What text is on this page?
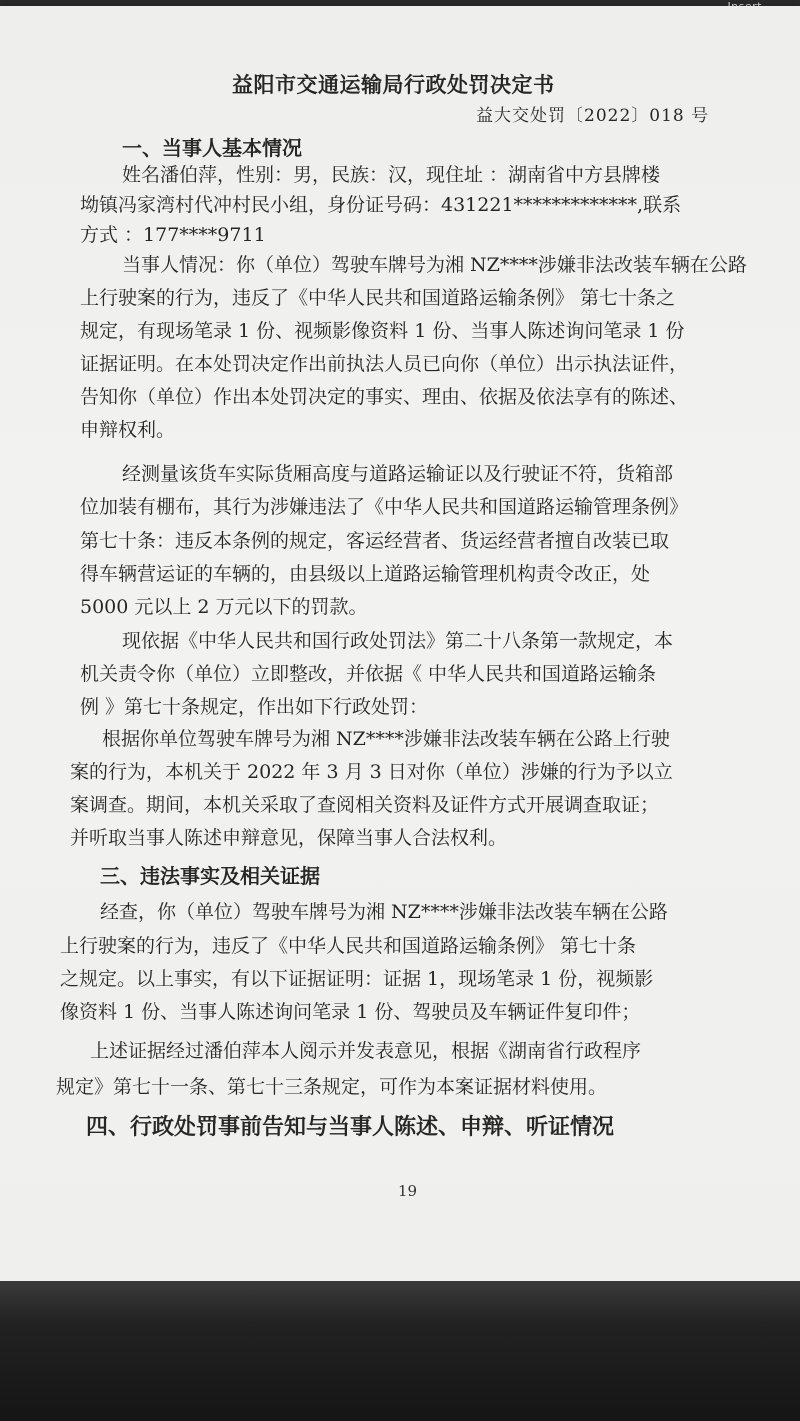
益阳市交通运输局行政处罚决定书
益大交处罚〔2022〕018 号
一、当事人基本情况
姓名潘伯萍，性别：男，民族：汉，现住址 ：湖南省中方县牌楼
坳镇冯家湾村代冲村民小组，身份证号码：431221*************,联系
方式 ：177****9711
当事人情况：你（单位）驾驶车牌号为湘 NZ****涉嫌非法改装车辆在公路
上行驶案的行为，违反了《中华人民共和国道路运输条例》 第七十条之
规定，有现场笔录 1 份、视频影像资料 1 份、当事人陈述询问笔录 1 份
证据证明。在本处罚决定作出前执法人员已向你（单位）出示执法证件，
告知你（单位）作出本处罚决定的事实、理由、依据及依法享有的陈述、
申辩权利。
经测量该货车实际货厢高度与道路运输证以及行驶证不符，货箱部
位加装有棚布，其行为涉嫌违法了《中华人民共和国道路运输管理条例》
第七十条：违反本条例的规定，客运经营者、货运经营者擅自改装已取
得车辆营运证的车辆的，由县级以上道路运输管理机构责令改正，处
5000 元以上 2 万元以下的罚款。
现依据《中华人民共和国行政处罚法》第二十八条第一款规定，本
机关责令你（单位）立即整改，并依据《 中华人民共和国道路运输条
例 》第七十条规定，作出如下行政处罚：
根据你单位驾驶车牌号为湘 NZ****涉嫌非法改装车辆在公路上行驶
案的行为，本机关于 2022 年 3 月 3 日对你（单位）涉嫌的行为予以立
案调查。期间，本机关采取了查阅相关资料及证件方式开展调查取证；
并听取当事人陈述申辩意见，保障当事人合法权利。
三、违法事实及相关证据
经查，你（单位）驾驶车牌号为湘 NZ****涉嫌非法改装车辆在公路
上行驶案的行为，违反了《中华人民共和国道路运输条例》 第七十条
之规定。以上事实，有以下证据证明：证据 1，现场笔录 1 份，视频影
像资料 1 份、当事人陈述询问笔录 1 份、驾驶员及车辆证件复印件；
上述证据经过潘伯萍本人阅示并发表意见，根据《湖南省行政程序
规定》第七十一条、第七十三条规定，可作为本案证据材料使用。
四、行政处罚事前告知与当事人陈述、申辩、听证情况
19
